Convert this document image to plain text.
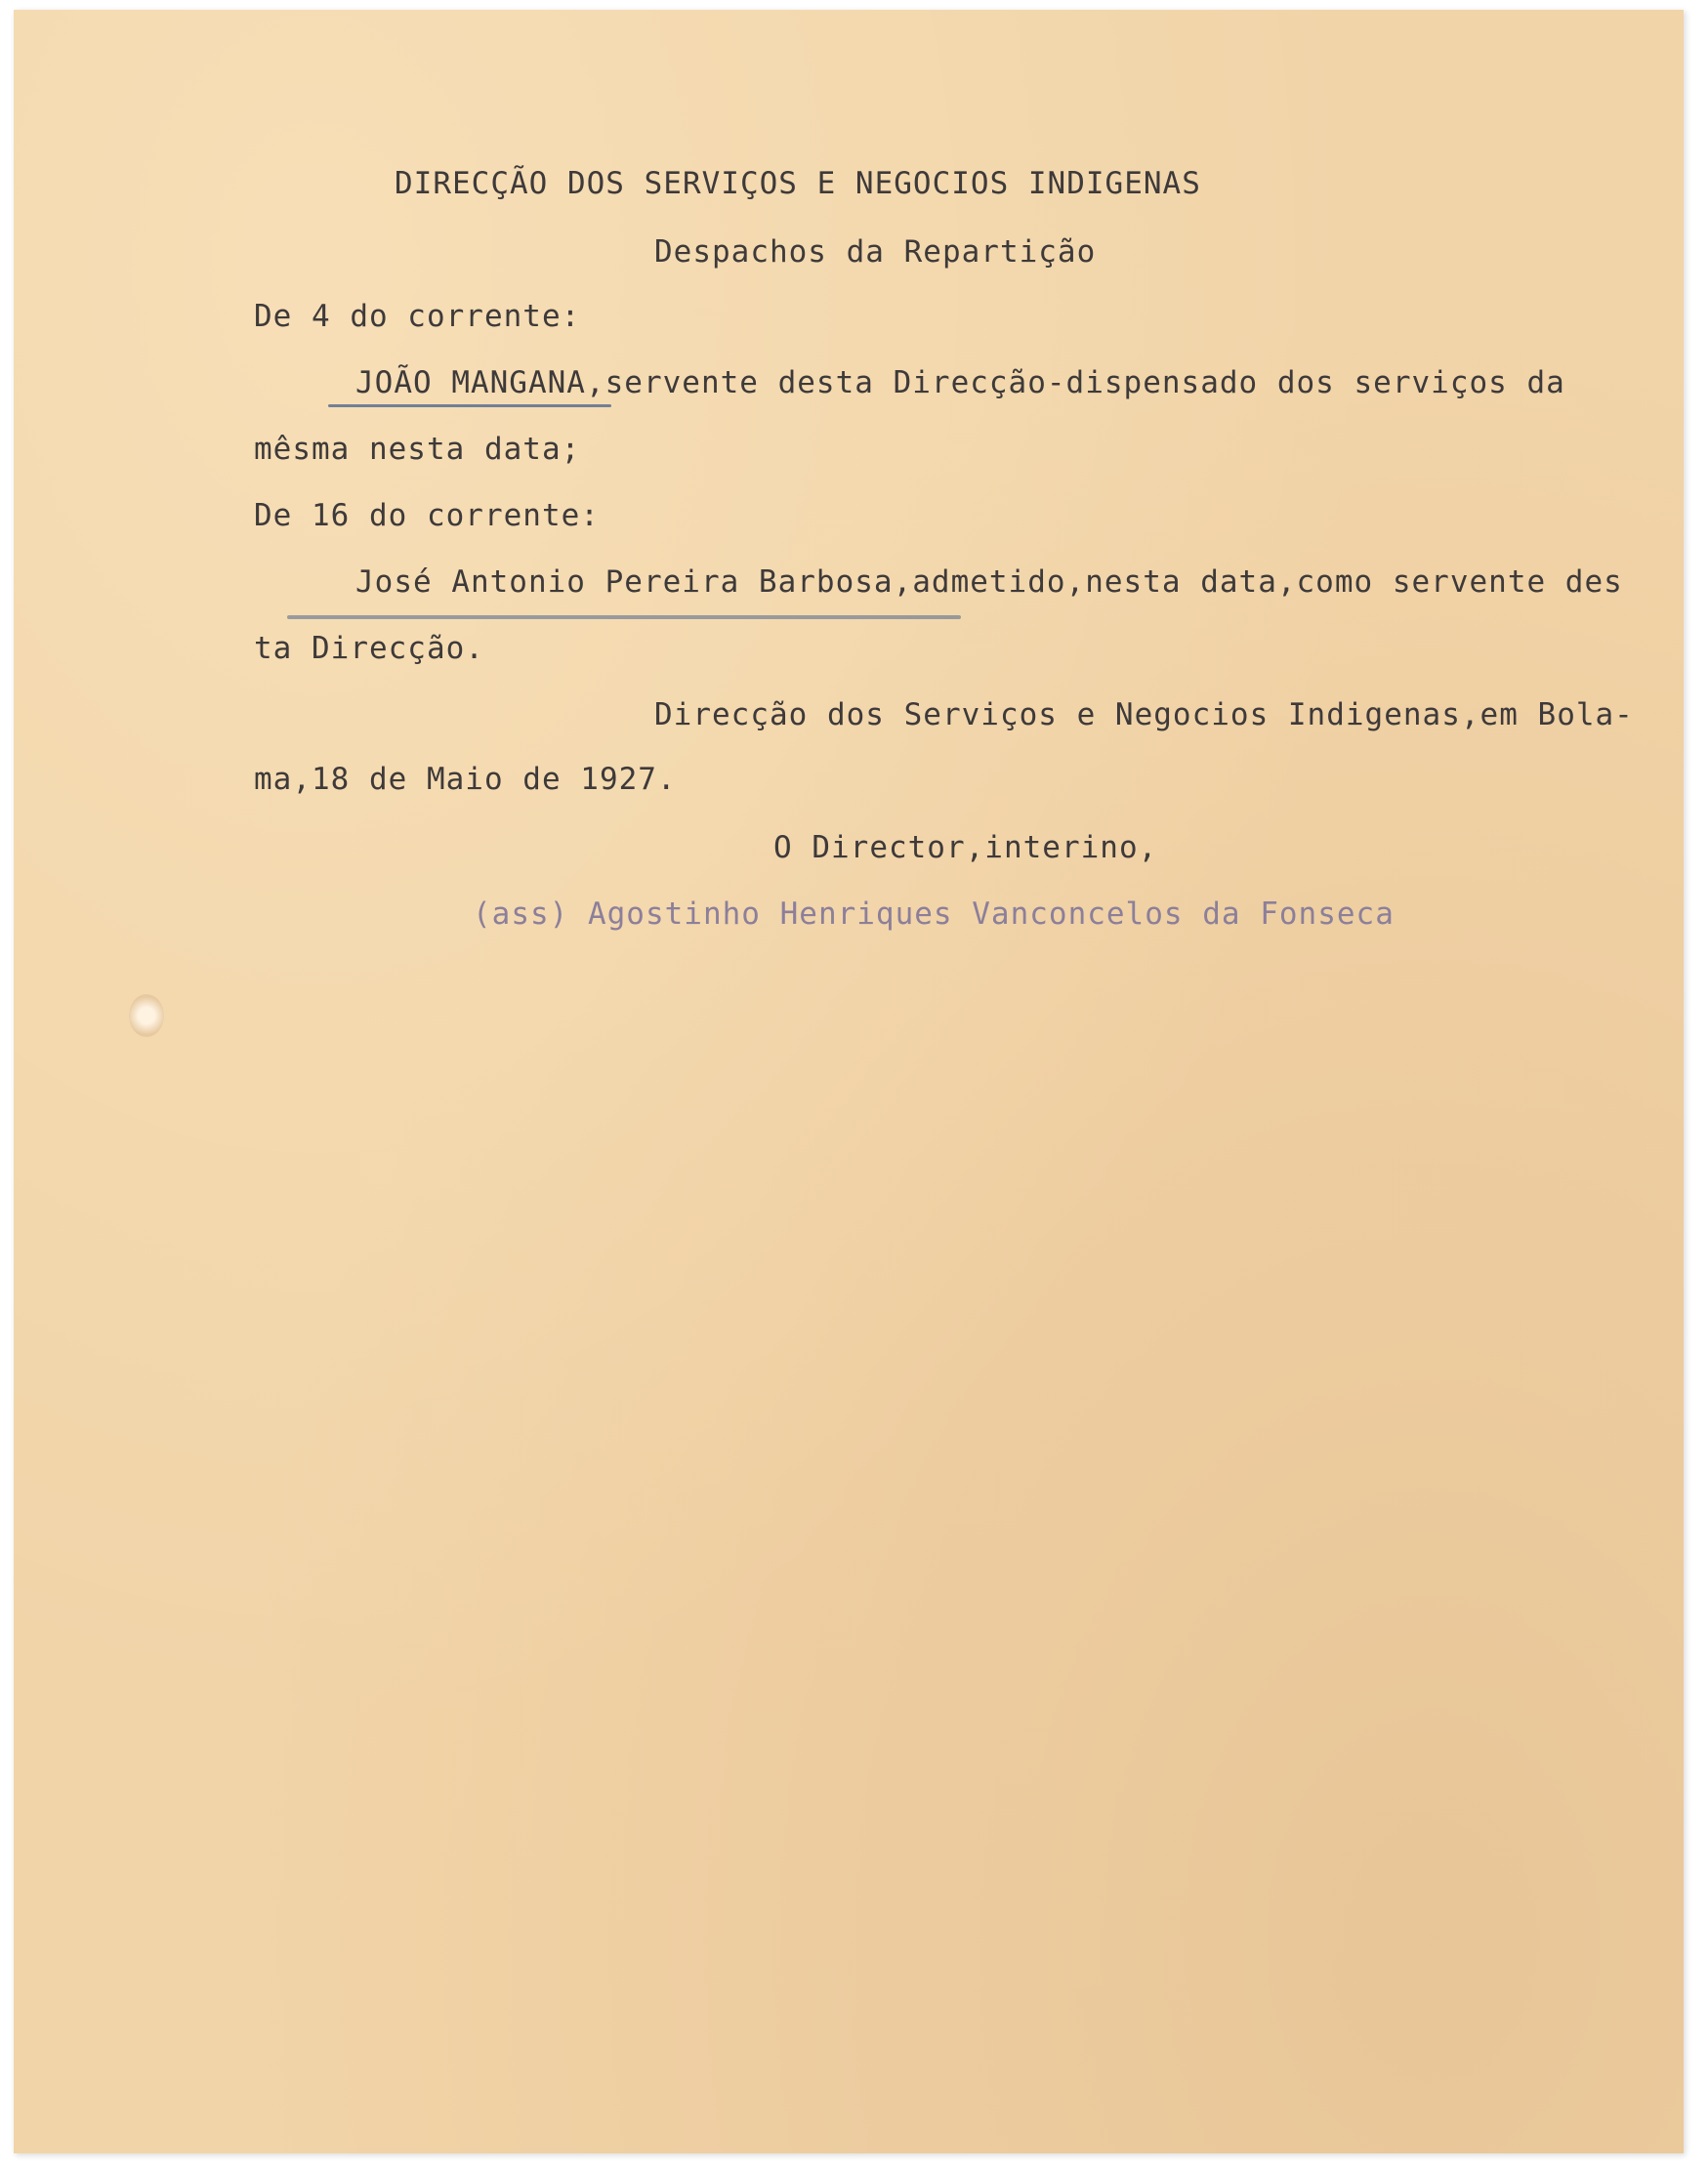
DIRECÇÃO DOS SERVIÇOS E NEGOCIOS INDIGENAS
Despachos da Repartição

De 4 do corrente:

JOÃO MANGANA,servente desta Direcção-dispensado dos serviços da

mêsma nesta data;

De 16 do corrente:

José Antonio Pereira Barbosa,admetido,nesta data,como servente des

ta Direcção.

Direcção dos Serviços e Negocios Indigenas,em Bola-

ma,18 de Maio de 1927.

O Director,interino,

(ass) Agostinho Henriques Vanconcelos da Fonseca
